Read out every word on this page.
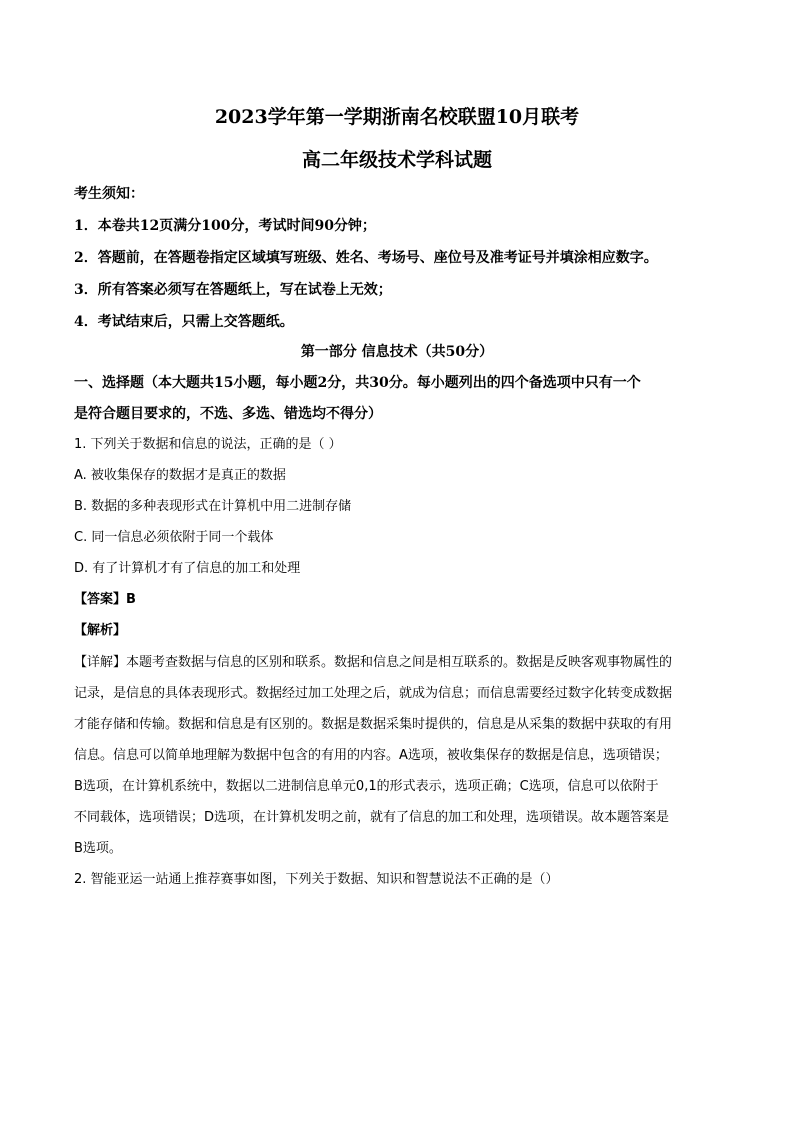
2023学年第一学期浙南名校联盟10月联考
高二年级技术学科试题
考生须知：
1．本卷共12页满分100分，考试时间90分钟；
2．答题前，在答题卷指定区域填写班级、姓名、考场号、座位号及准考证号并填涂相应数字。
3．所有答案必须写在答题纸上，写在试卷上无效；
4．考试结束后，只需上交答题纸。
第一部分 信息技术（共50分）
一、选择题（本大题共15小题，每小题2分，共30分。每小题列出的四个备选项中只有一个
是符合题目要求的，不选、多选、错选均不得分）
1. 下列关于数据和信息的说法，正确的是（ ）
A. 被收集保存的数据才是真正的数据
B. 数据的多种表现形式在计算机中用二进制存储
C. 同一信息必须依附于同一个载体
D. 有了计算机才有了信息的加工和处理
【答案】B
【解析】
【详解】本题考查数据与信息的区别和联系。数据和信息之间是相互联系的。数据是反映客观事物属性的
记录，是信息的具体表现形式。数据经过加工处理之后，就成为信息；而信息需要经过数字化转变成数据
才能存储和传输。数据和信息是有区别的。数据是数据采集时提供的，信息是从采集的数据中获取的有用
信息。信息可以简单地理解为数据中包含的有用的内容。A选项，被收集保存的数据是信息，选项错误；
B选项，在计算机系统中，数据以二进制信息单元0,1的形式表示，选项正确；C选项，信息可以依附于
不同载体，选项错误；D选项，在计算机发明之前，就有了信息的加工和处理，选项错误。故本题答案是
B选项。
2. 智能亚运一站通上推荐赛事如图，下列关于数据、知识和智慧说法不正确的是（）
